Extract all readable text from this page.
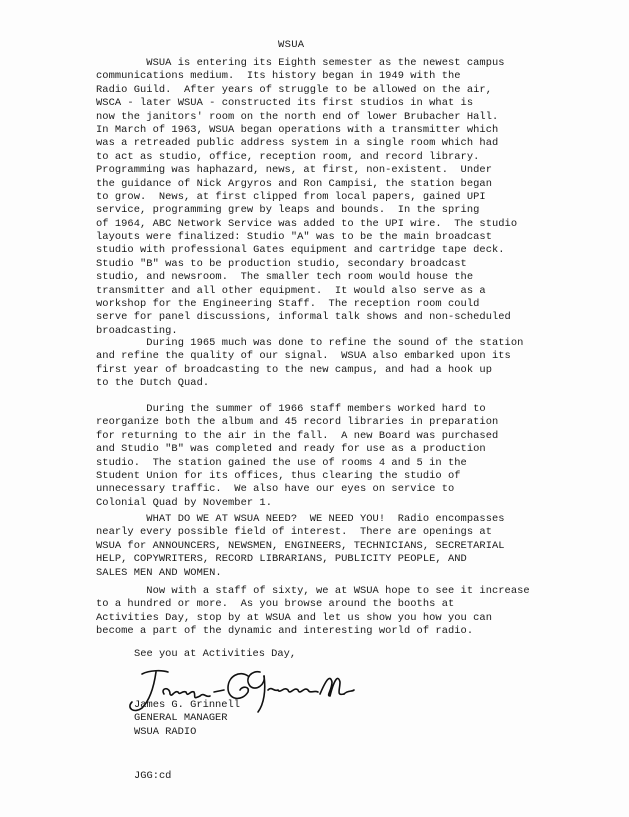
WSUA
WSUA is entering its Eighth semester as the newest campus
communications medium.  Its history began in 1949 with the
Radio Guild.  After years of struggle to be allowed on the air,
WSCA - later WSUA - constructed its first studios in what is
now the janitors' room on the north end of lower Brubacher Hall.
In March of 1963, WSUA began operations with a transmitter which
was a retreaded public address system in a single room which had
to act as studio, office, reception room, and record library.
Programming was haphazard, news, at first, non-existent.  Under
the guidance of Nick Argyros and Ron Campisi, the station began
to grow.  News, at first clipped from local papers, gained UPI
service, programming grew by leaps and bounds.  In the spring
of 1964, ABC Network Service was added to the UPI wire.  The studio
layouts were finalized: Studio "A" was to be the main broadcast
studio with professional Gates equipment and cartridge tape deck.
Studio "B" was to be production studio, secondary broadcast
studio, and newsroom.  The smaller tech room would house the
transmitter and all other equipment.  It would also serve as a
workshop for the Engineering Staff.  The reception room could
serve for panel discussions, informal talk shows and non-scheduled
broadcasting.
During 1965 much was done to refine the sound of the station
and refine the quality of our signal.  WSUA also embarked upon its
first year of broadcasting to the new campus, and had a hook up
to the Dutch Quad.
During the summer of 1966 staff members worked hard to
reorganize both the album and 45 record libraries in preparation
for returning to the air in the fall.  A new Board was purchased
and Studio "B" was completed and ready for use as a production
studio.  The station gained the use of rooms 4 and 5 in the
Student Union for its offices, thus clearing the studio of
unnecessary traffic.  We also have our eyes on service to
Colonial Quad by November 1.
WHAT DO WE AT WSUA NEED?  WE NEED YOU!  Radio encompasses
nearly every possible field of interest.  There are openings at
WSUA for ANNOUNCERS, NEWSMEN, ENGINEERS, TECHNICIANS, SECRETARIAL
HELP, COPYWRITERS, RECORD LIBRARIANS, PUBLICITY PEOPLE, AND
SALES MEN AND WOMEN.
Now with a staff of sixty, we at WSUA hope to see it increase
to a hundred or more.  As you browse around the booths at
Activities Day, stop by at WSUA and let us show you how you can
become a part of the dynamic and interesting world of radio.
See you at Activities Day,
James G. Grinnell
GENERAL MANAGER
WSUA RADIO
JGG:cd
